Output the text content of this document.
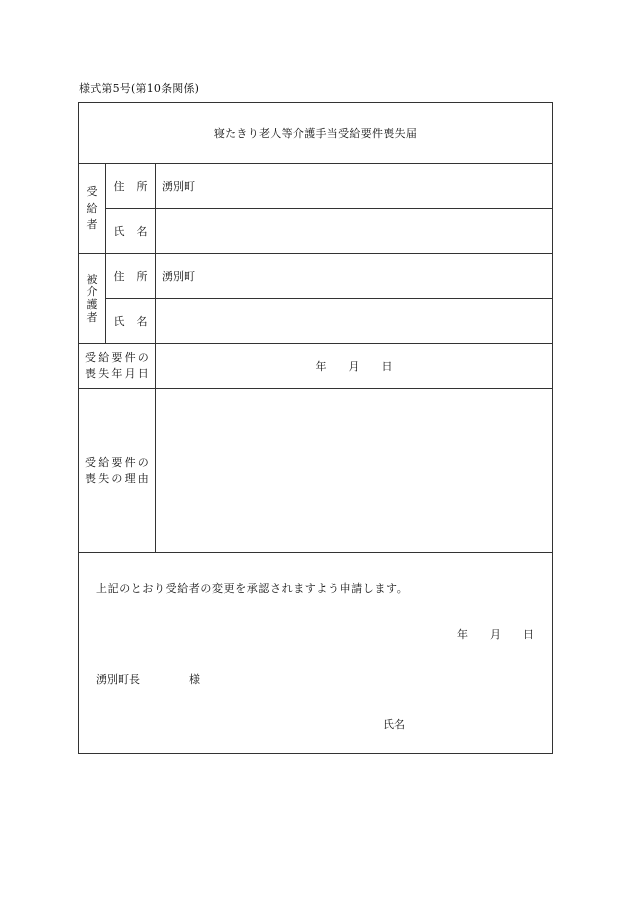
様式第5号(第10条関係)
寝たきり老人等介護手当受給要件喪失届		

受
給
者	住 所	湧別町
	氏 名	

被
介
護
者	住 所	湧別町
	氏 名	

受給要件の
喪失年月日		年 月 日

受給要件の
喪失の理由		

上記のとおり受給者の変更を承認されますよう申請します。
年 月 日
湧別町長 様
氏名		
